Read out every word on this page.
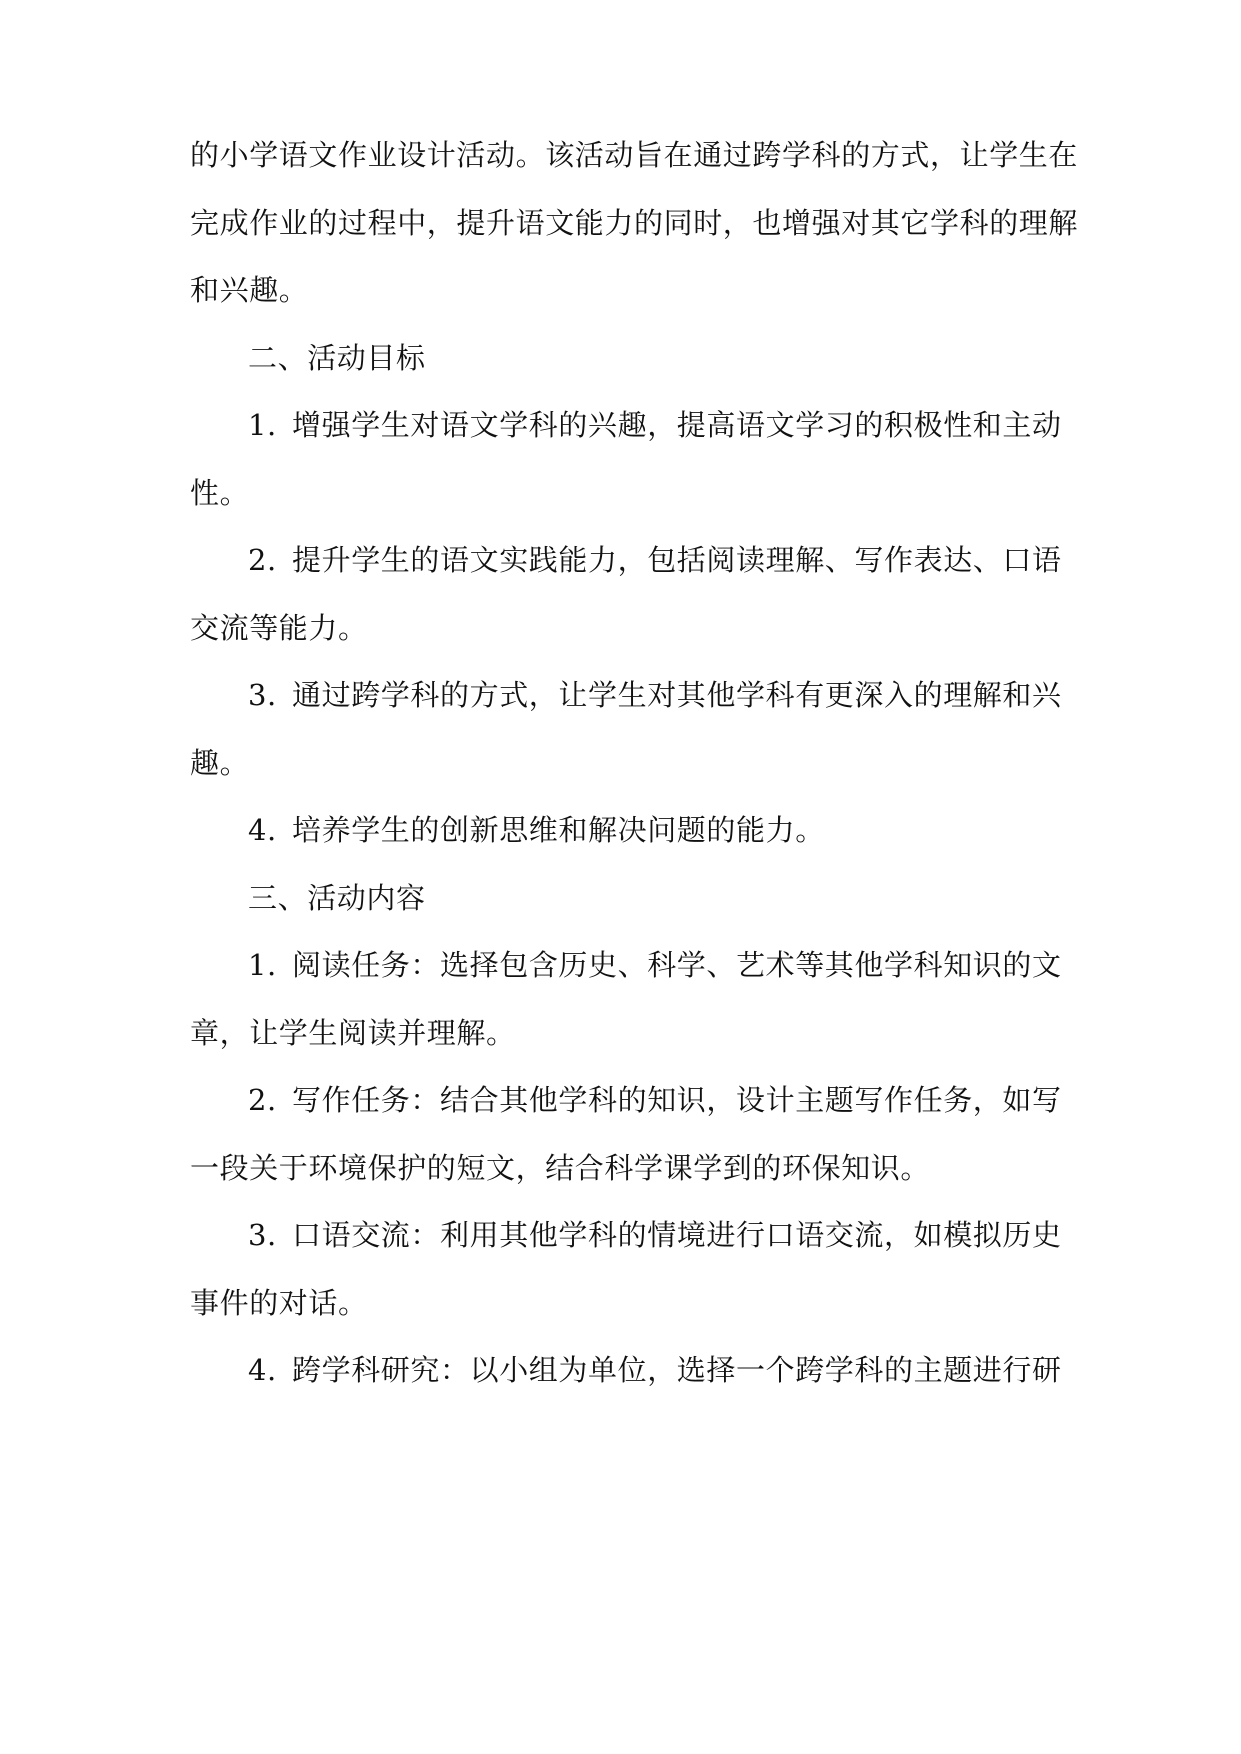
的小学语文作业设计活动。该活动旨在通过跨学科的方式，让学生在
完成作业的过程中，提升语文能力的同时，也增强对其它学科的理解
和兴趣。
二、活动目标
1. 增强学生对语文学科的兴趣，提高语文学习的积极性和主动
性。
2. 提升学生的语文实践能力，包括阅读理解、写作表达、口语
交流等能力。
3. 通过跨学科的方式，让学生对其他学科有更深入的理解和兴
趣。
4. 培养学生的创新思维和解决问题的能力。
三、活动内容
1. 阅读任务：选择包含历史、科学、艺术等其他学科知识的文
章，让学生阅读并理解。
2. 写作任务：结合其他学科的知识，设计主题写作任务，如写
一段关于环境保护的短文，结合科学课学到的环保知识。
3. 口语交流：利用其他学科的情境进行口语交流，如模拟历史
事件的对话。
4. 跨学科研究：以小组为单位，选择一个跨学科的主题进行研
